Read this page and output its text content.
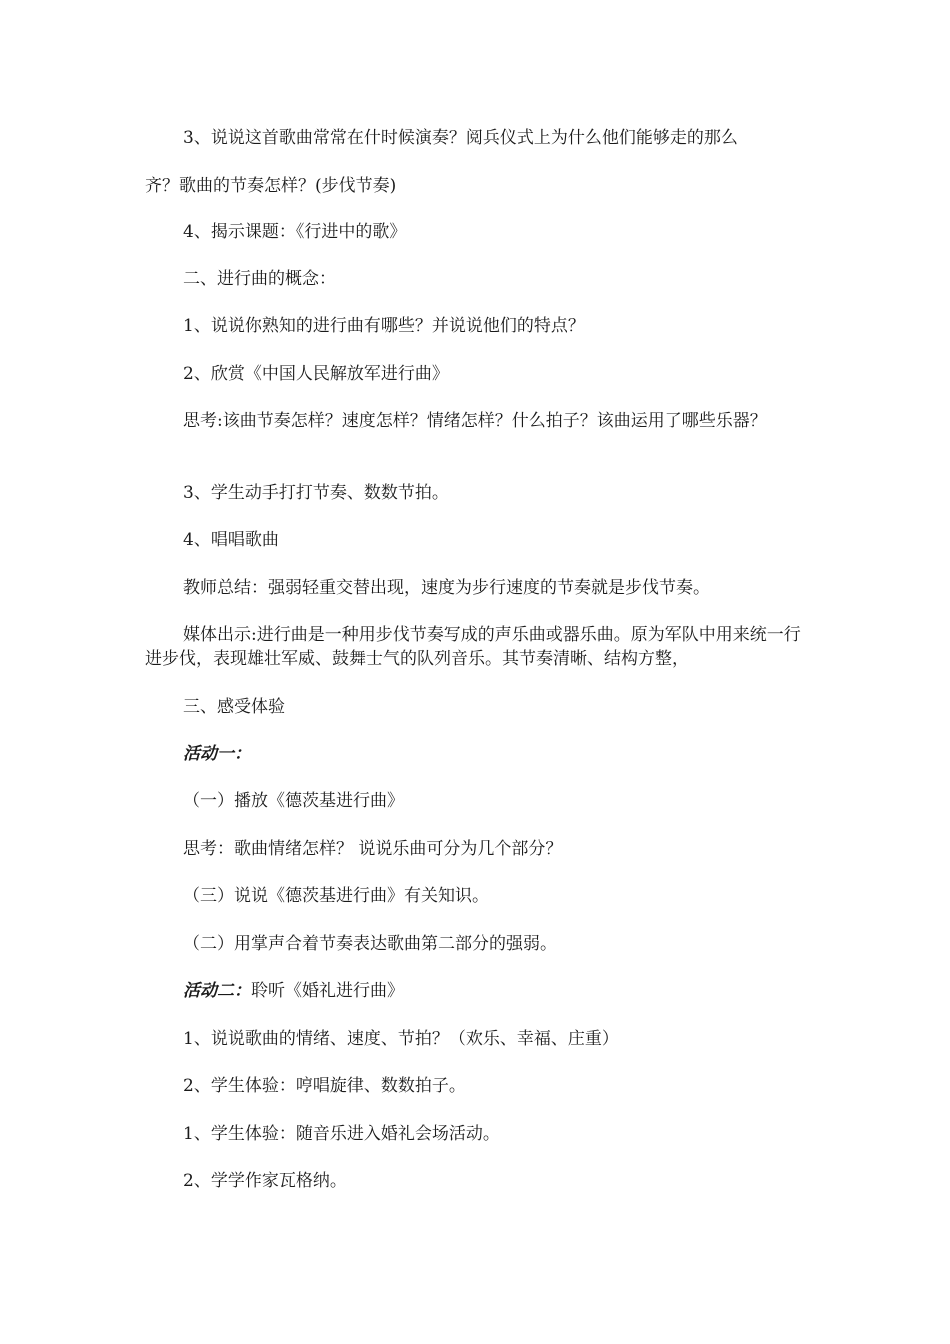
3、说说这首歌曲常常在什时候演奏？阅兵仪式上为什么他们能够走的那么
齐？歌曲的节奏怎样？(步伐节奏)
4、揭示课题：《行进中的歌》
二、进行曲的概念：
1、说说你熟知的进行曲有哪些？并说说他们的特点？
2、欣赏《中国人民解放军进行曲》
思考:该曲节奏怎样？速度怎样？情绪怎样？什么拍子？该曲运用了哪些乐器？
3、学生动手打打节奏、数数节拍。
4、唱唱歌曲
教师总结：强弱轻重交替出现，速度为步行速度的节奏就是步伐节奏。
媒体出示:进行曲是一种用步伐节奏写成的声乐曲或器乐曲。原为军队中用来统一行进步伐，表现雄壮军威、鼓舞士气的队列音乐。其节奏清晰、结构方整，
三、感受体验
活动一：
（一）播放《德茨基进行曲》
思考：歌曲情绪怎样？ 说说乐曲可分为几个部分？
（三）说说《德茨基进行曲》有关知识。
（二）用掌声合着节奏表达歌曲第二部分的强弱。
活动二：聆听《婚礼进行曲》
1、说说歌曲的情绪、速度、节拍？（欢乐、幸福、庄重）
2、学生体验：哼唱旋律、数数拍子。
1、学生体验：随音乐进入婚礼会场活动。
2、学学作家瓦格纳。
